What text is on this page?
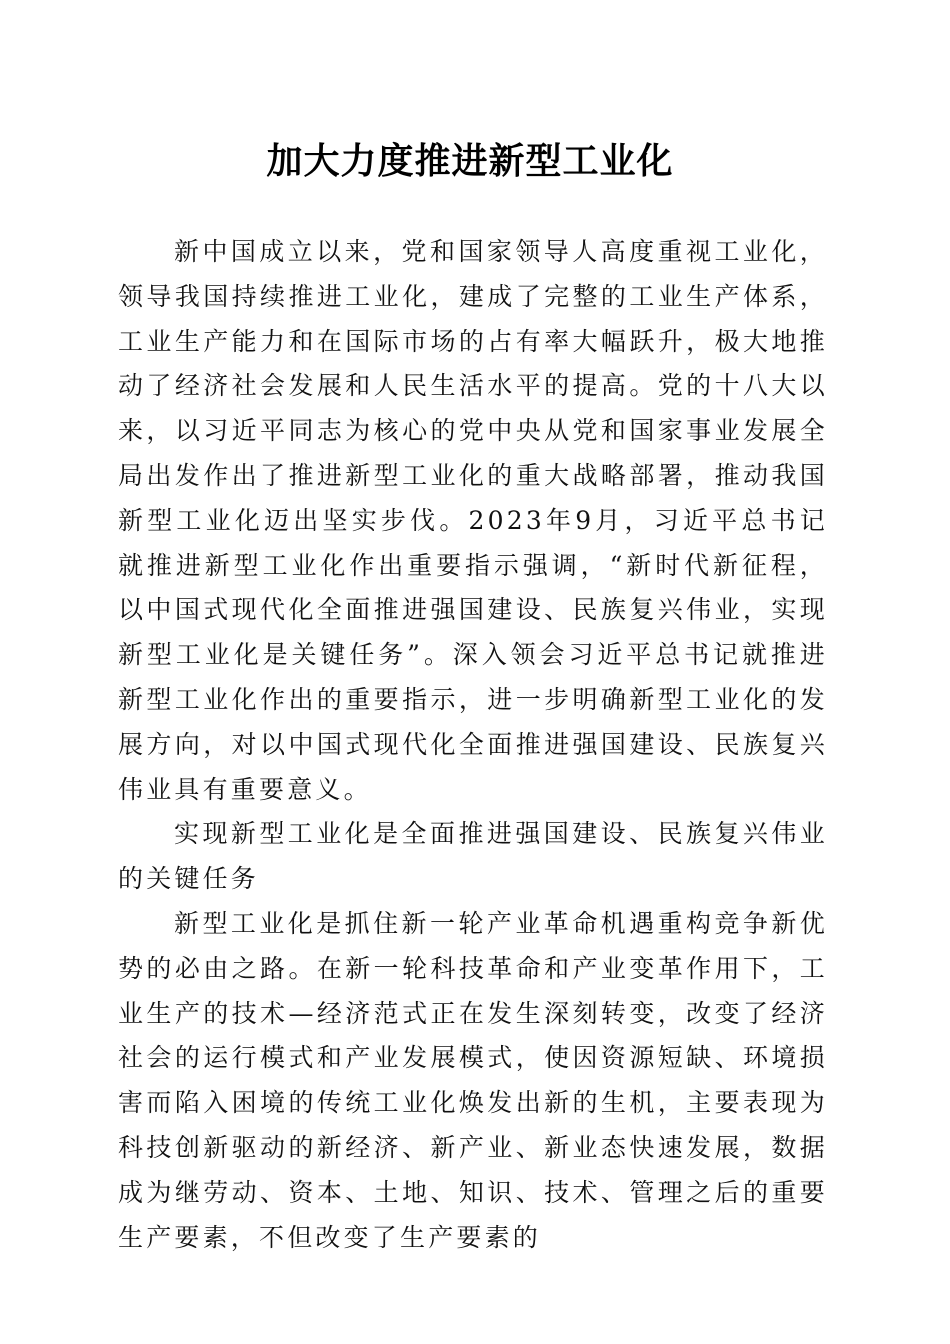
加大力度推进新型工业化

新中国成立以来，党和国家领导人高度重视工业化，领导我国持续推进工业化，建成了完整的工业生产体系，工业生产能力和在国际市场的占有率大幅跃升，极大地推动了经济社会发展和人民生活水平的提高。党的十八大以来，以习近平同志为核心的党中央从党和国家事业发展全局出发作出了推进新型工业化的重大战略部署，推动我国新型工业化迈出坚实步伐。2023年9月，习近平总书记就推进新型工业化作出重要指示强调，“新时代新征程，以中国式现代化全面推进强国建设、民族复兴伟业，实现新型工业化是关键任务”。深入领会习近平总书记就推进新型工业化作出的重要指示，进一步明确新型工业化的发展方向，对以中国式现代化全面推进强国建设、民族复兴伟业具有重要意义。

实现新型工业化是全面推进强国建设、民族复兴伟业的关键任务

新型工业化是抓住新一轮产业革命机遇重构竞争新优势的必由之路。在新一轮科技革命和产业变革作用下，工业生产的技术—经济范式正在发生深刻转变，改变了经济社会的运行模式和产业发展模式，使因资源短缺、环境损害而陷入困境的传统工业化焕发出新的生机，主要表现为科技创新驱动的新经济、新产业、新业态快速发展，数据成为继劳动、资本、土地、知识、技术、管理之后的重要生产要素，不但改变了生产要素的
